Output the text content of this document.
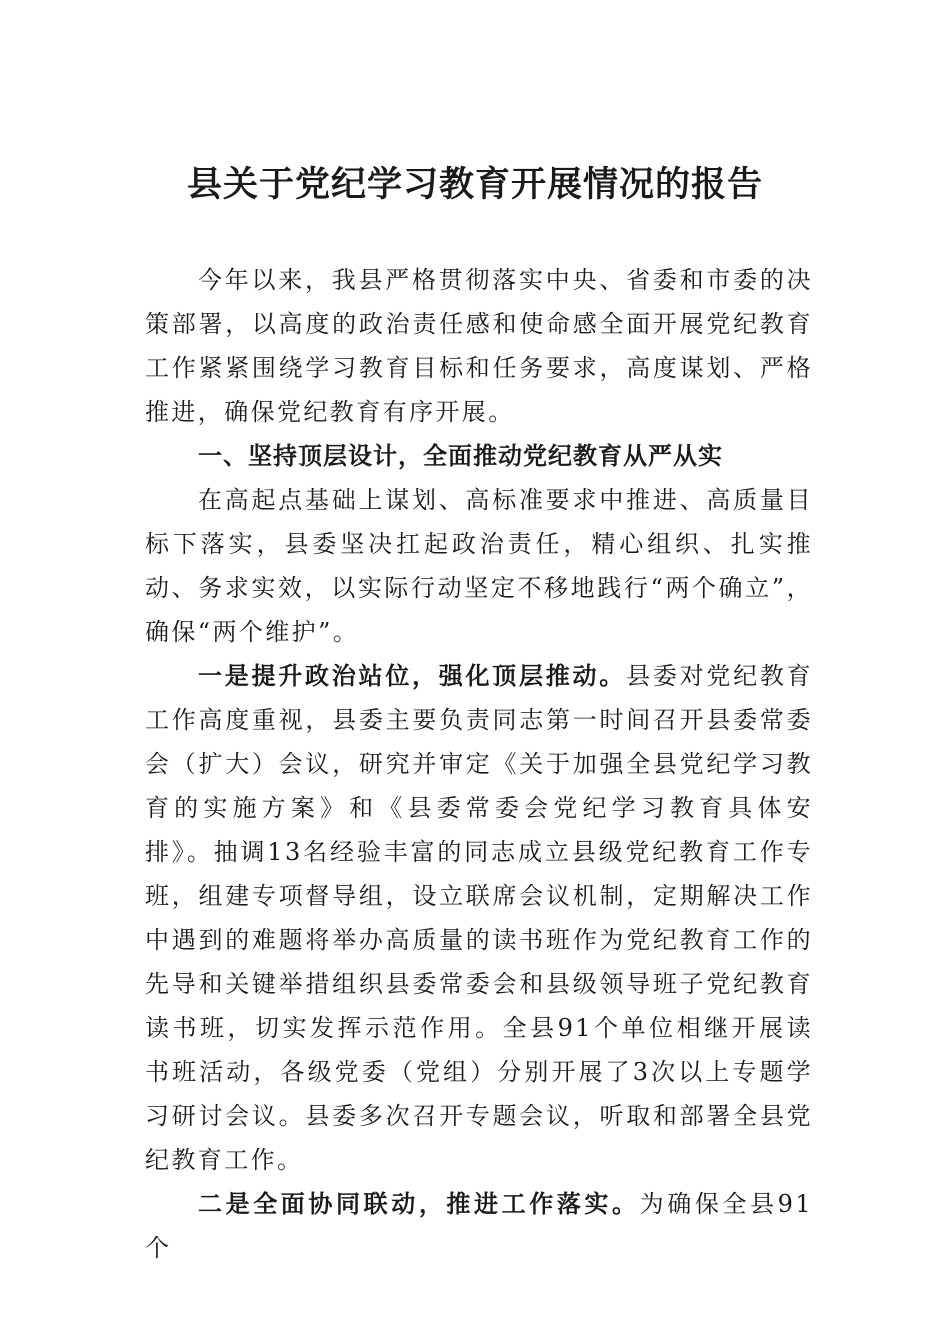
县关于党纪学习教育开展情况的报告

今年以来，我县严格贯彻落实中央、省委和市委的决策部署，以高度的政治责任感和使命感全面开展党纪教育工作紧紧围绕学习教育目标和任务要求，高度谋划、严格推进，确保党纪教育有序开展。

一、坚持顶层设计，全面推动党纪教育从严从实

在高起点基础上谋划、高标准要求中推进、高质量目标下落实，县委坚决扛起政治责任，精心组织、扎实推动、务求实效，以实际行动坚定不移地践行“两个确立”，确保“两个维护”。

一是提升政治站位，强化顶层推动。县委对党纪教育工作高度重视，县委主要负责同志第一时间召开县委常委会（扩大）会议，研究并审定《关于加强全县党纪学习教育的实施方案》和《县委常委会党纪学习教育具体安排》。抽调13名经验丰富的同志成立县级党纪教育工作专班，组建专项督导组，设立联席会议机制，定期解决工作中遇到的难题将举办高质量的读书班作为党纪教育工作的先导和关键举措组织县委常委会和县级领导班子党纪教育读书班，切实发挥示范作用。全县91个单位相继开展读书班活动，各级党委（党组）分别开展了3次以上专题学习研讨会议。县委多次召开专题会议，听取和部署全县党纪教育工作。

二是全面协同联动，推进工作落实。为确保全县91个
